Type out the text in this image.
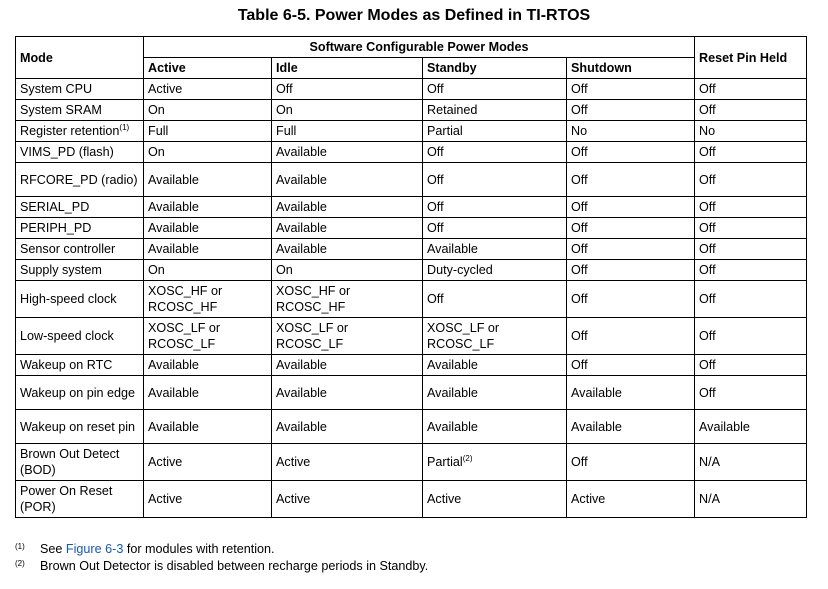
Table 6-5. Power Modes as Defined in TI-RTOS
Mode	Software Configurable Power Modes				Reset Pin Held
	Active	Idle	Standby	Shutdown	
System CPU	Active	Off	Off	Off	Off
System SRAM	On	On	Retained	Off	Off
Register retention$^{(1)}$	Full	Full	Partial	No	No
VIMS_PD (flash)	On	Available	Off	Off	Off
RFCORE_PD (radio)	Available	Available	Off	Off	Off
SERIAL_PD	Available	Available	Off	Off	Off
PERIPH_PD	Available	Available	Off	Off	Off
Sensor controller	Available	Available	Available	Off	Off
Supply system	On	On	Duty-cycled	Off	Off
High-speed clock	XOSC_HF or RCOSC_HF	XOSC_HF or RCOSC_HF	Off	Off	Off
Low-speed clock	XOSC_LF or RCOSC_LF	XOSC_LF or RCOSC_LF	XOSC_LF or RCOSC_LF	Off	Off
Wakeup on RTC	Available	Available	Available	Off	Off
Wakeup on pin edge	Available	Available	Available	Available	Off
Wakeup on reset pin	Available	Available	Available	Available	Available
Brown Out Detect (BOD)	Active	Active	Partial$^{(2)}$	Off	N/A
Power On Reset (POR)	Active	Active	Active	Active	N/A
(1)	See Figure 6-3 for modules with retention.
(2)	Brown Out Detector is disabled between recharge periods in Standby.
